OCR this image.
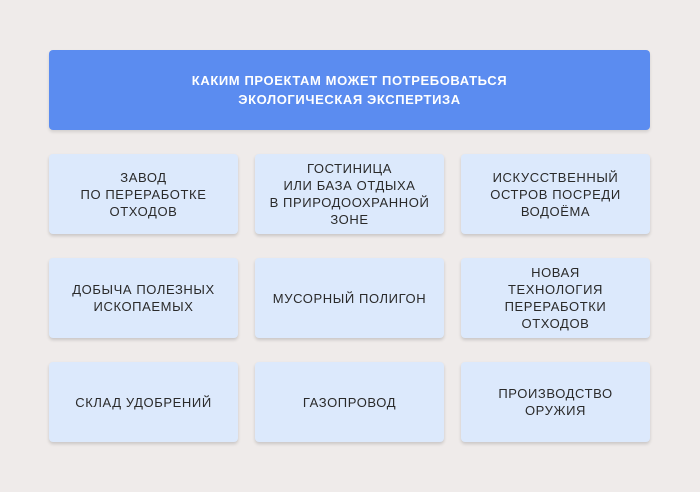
КАКИМ ПРОЕКТАМ МОЖЕТ ПОТРЕБОВАТЬСЯ
ЭКОЛОГИЧЕСКАЯ ЭКСПЕРТИЗА
ЗАВОД
ПО ПЕРЕРАБОТКЕ
ОТХОДОВ
ГОСТИНИЦА
ИЛИ БАЗА ОТДЫХА
В ПРИРОДООХРАННОЙ
ЗОНЕ
ИСКУССТВЕННЫЙ
ОСТРОВ ПОСРЕДИ
ВОДОЁМА
ДОБЫЧА ПОЛЕЗНЫХ
ИСКОПАЕМЫХ
МУСОРНЫЙ ПОЛИГОН
НОВАЯ
ТЕХНОЛОГИЯ
ПЕРЕРАБОТКИ
ОТХОДОВ
СКЛАД УДОБРЕНИЙ	ГАЗОПРОВОД
ПРОИЗВОДСТВО
ОРУЖИЯ
